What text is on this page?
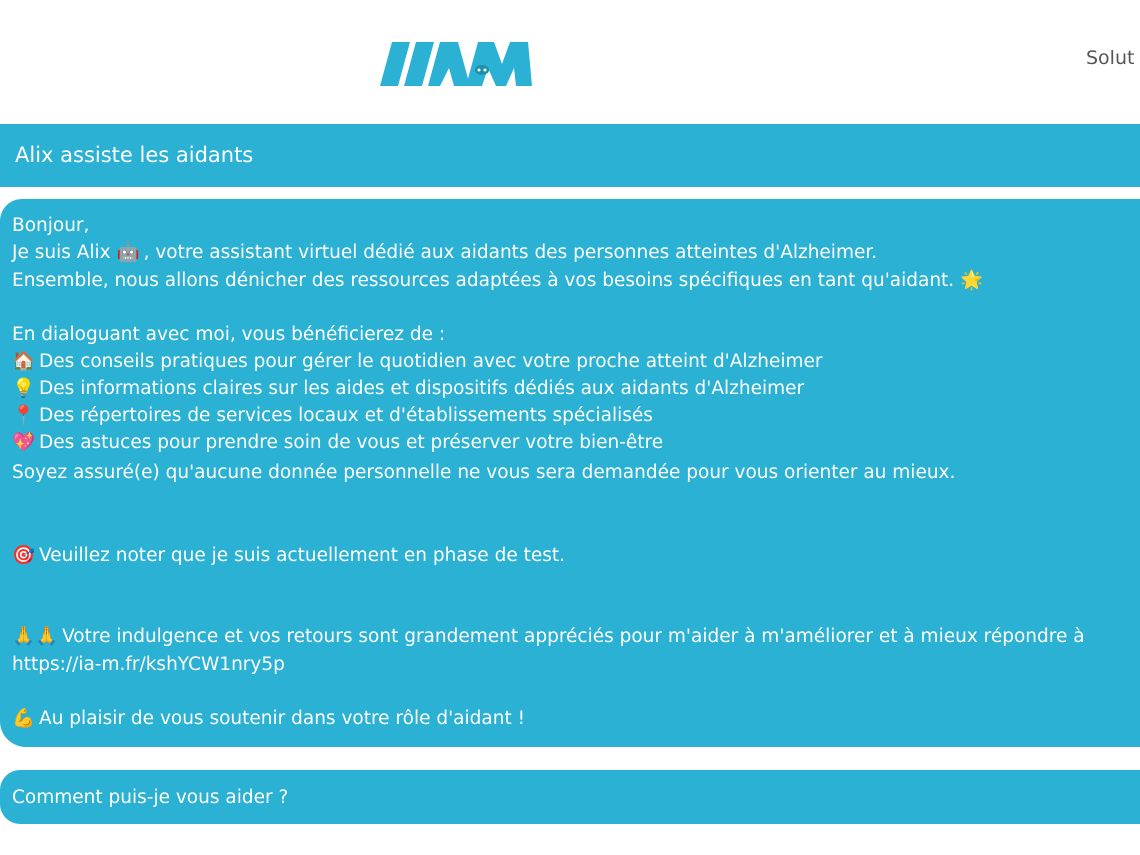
Solut
Alix assiste les aidants
Bonjour,
Je suis Alix 🤖 , votre assistant virtuel dédié aux aidants des personnes atteintes d'Alzheimer.
Ensemble, nous allons dénicher des ressources adaptées à vos besoins spécifiques en tant qu'aidant. 🌟
En dialoguant avec moi, vous bénéficierez de :
🏠 Des conseils pratiques pour gérer le quotidien avec votre proche atteint d'Alzheimer
💡 Des informations claires sur les aides et dispositifs dédiés aux aidants d'Alzheimer
📍 Des répertoires de services locaux et d'établissements spécialisés
💖 Des astuces pour prendre soin de vous et préserver votre bien-être
Soyez assuré(e) qu'aucune donnée personnelle ne vous sera demandée pour vous orienter au mieux.
🎯 Veuillez noter que je suis actuellement en phase de test.
🙏🙏 Votre indulgence et vos retours sont grandement appréciés pour m'aider à m'améliorer et à mieux répondre à
https://ia-m.fr/kshYCW1nry5p
💪 Au plaisir de vous soutenir dans votre rôle d'aidant !
Comment puis-je vous aider ?
